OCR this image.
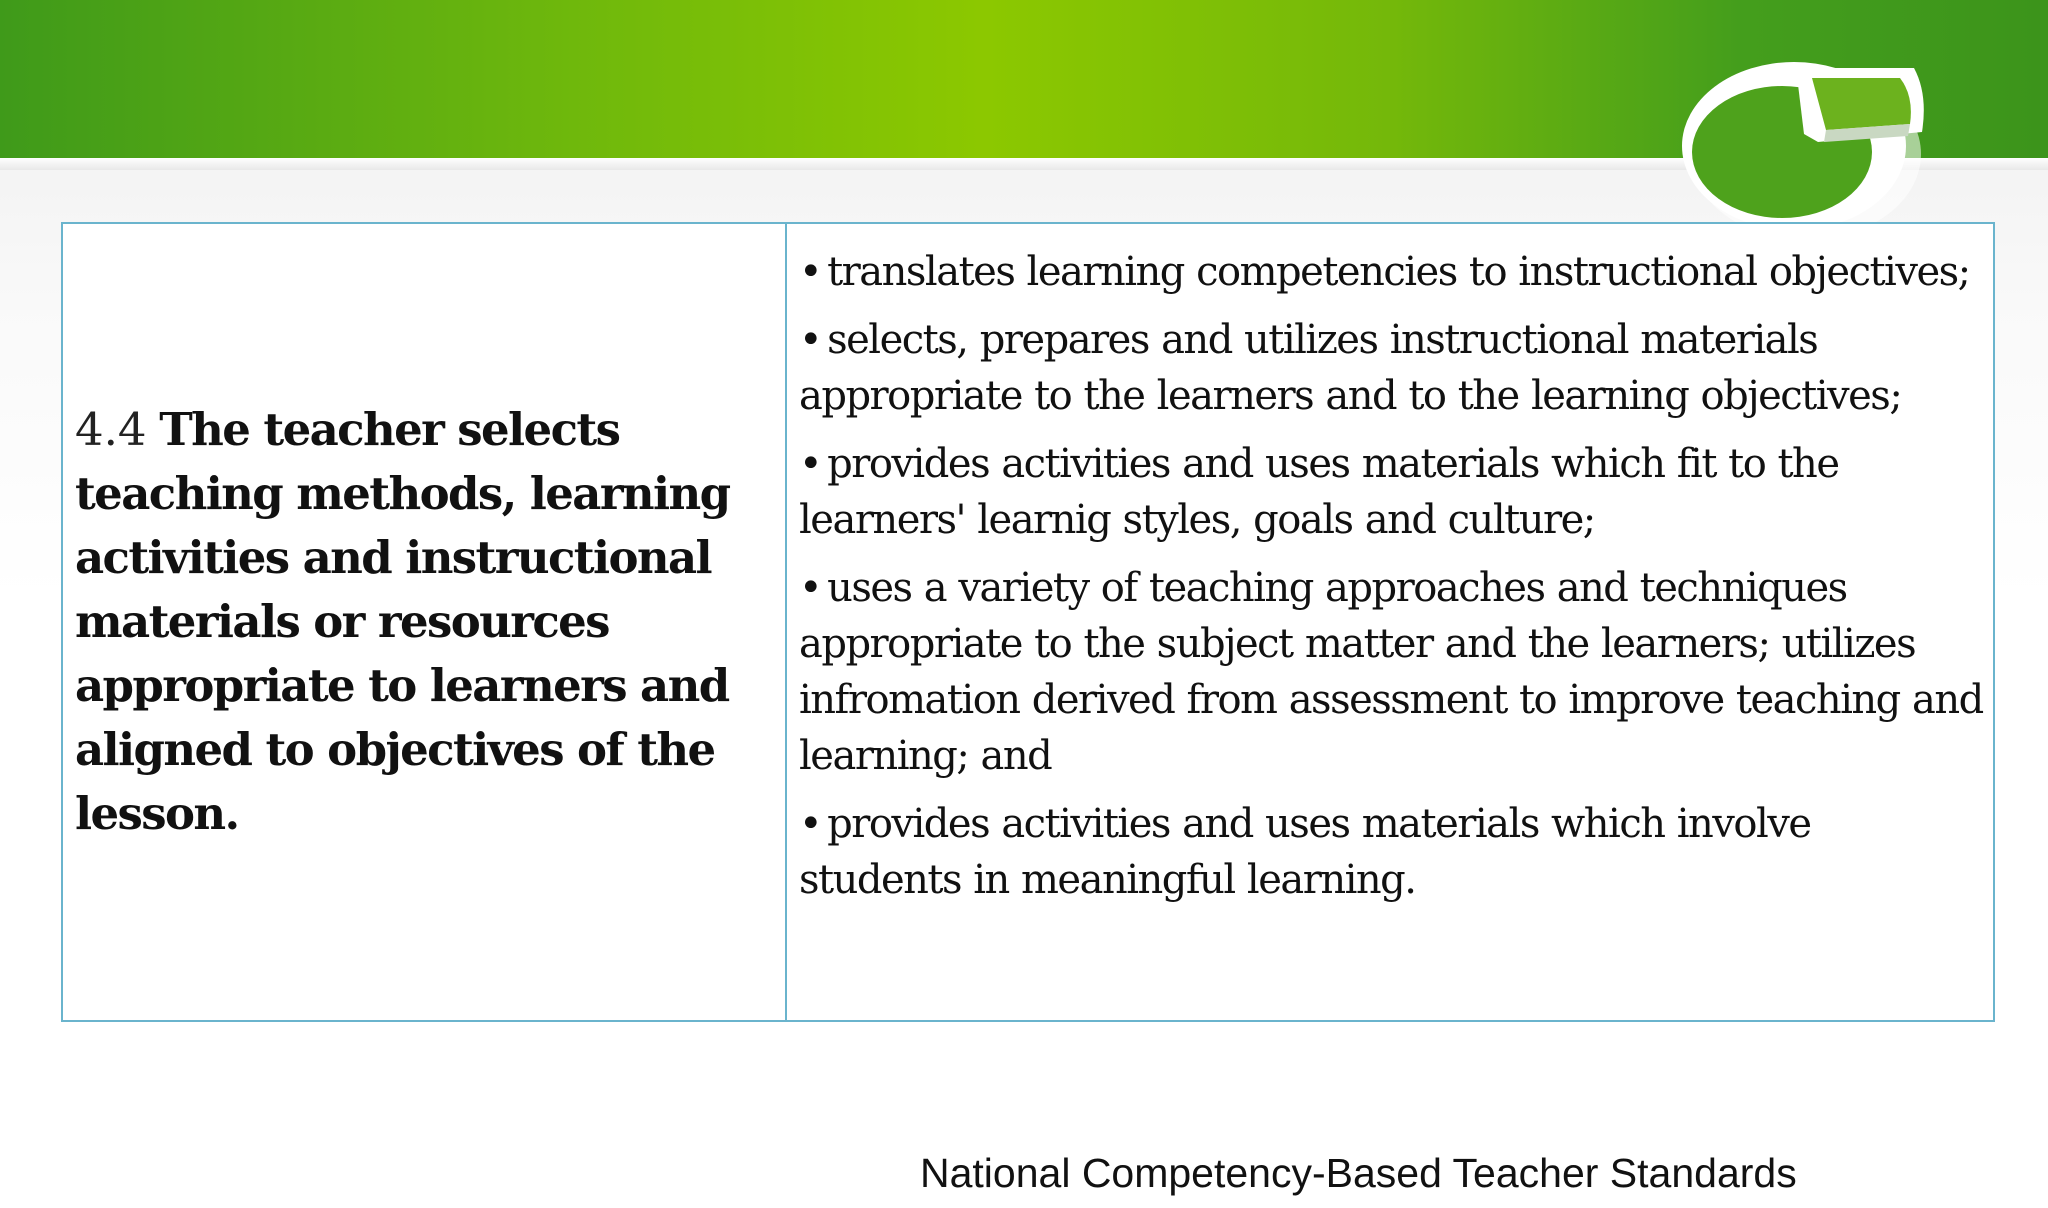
4.4 The teacher selects teaching methods, learning activities and instructional materials or resources appropriate to learners and aligned to objectives of the lesson.
• translates learning competencies to instructional objectives;
• selects, prepares and utilizes instructional materials appropriate to the learners and to the learning objectives;
• provides activities and uses materials which fit to the learners' learnig styles, goals and culture;
• uses a variety of teaching approaches and techniques appropriate to the subject matter and the learners; utilizes infromation derived from assessment to improve teaching and learning; and
• provides activities and uses materials which involve students in meaningful learning.
National Competency-Based Teacher Standards
